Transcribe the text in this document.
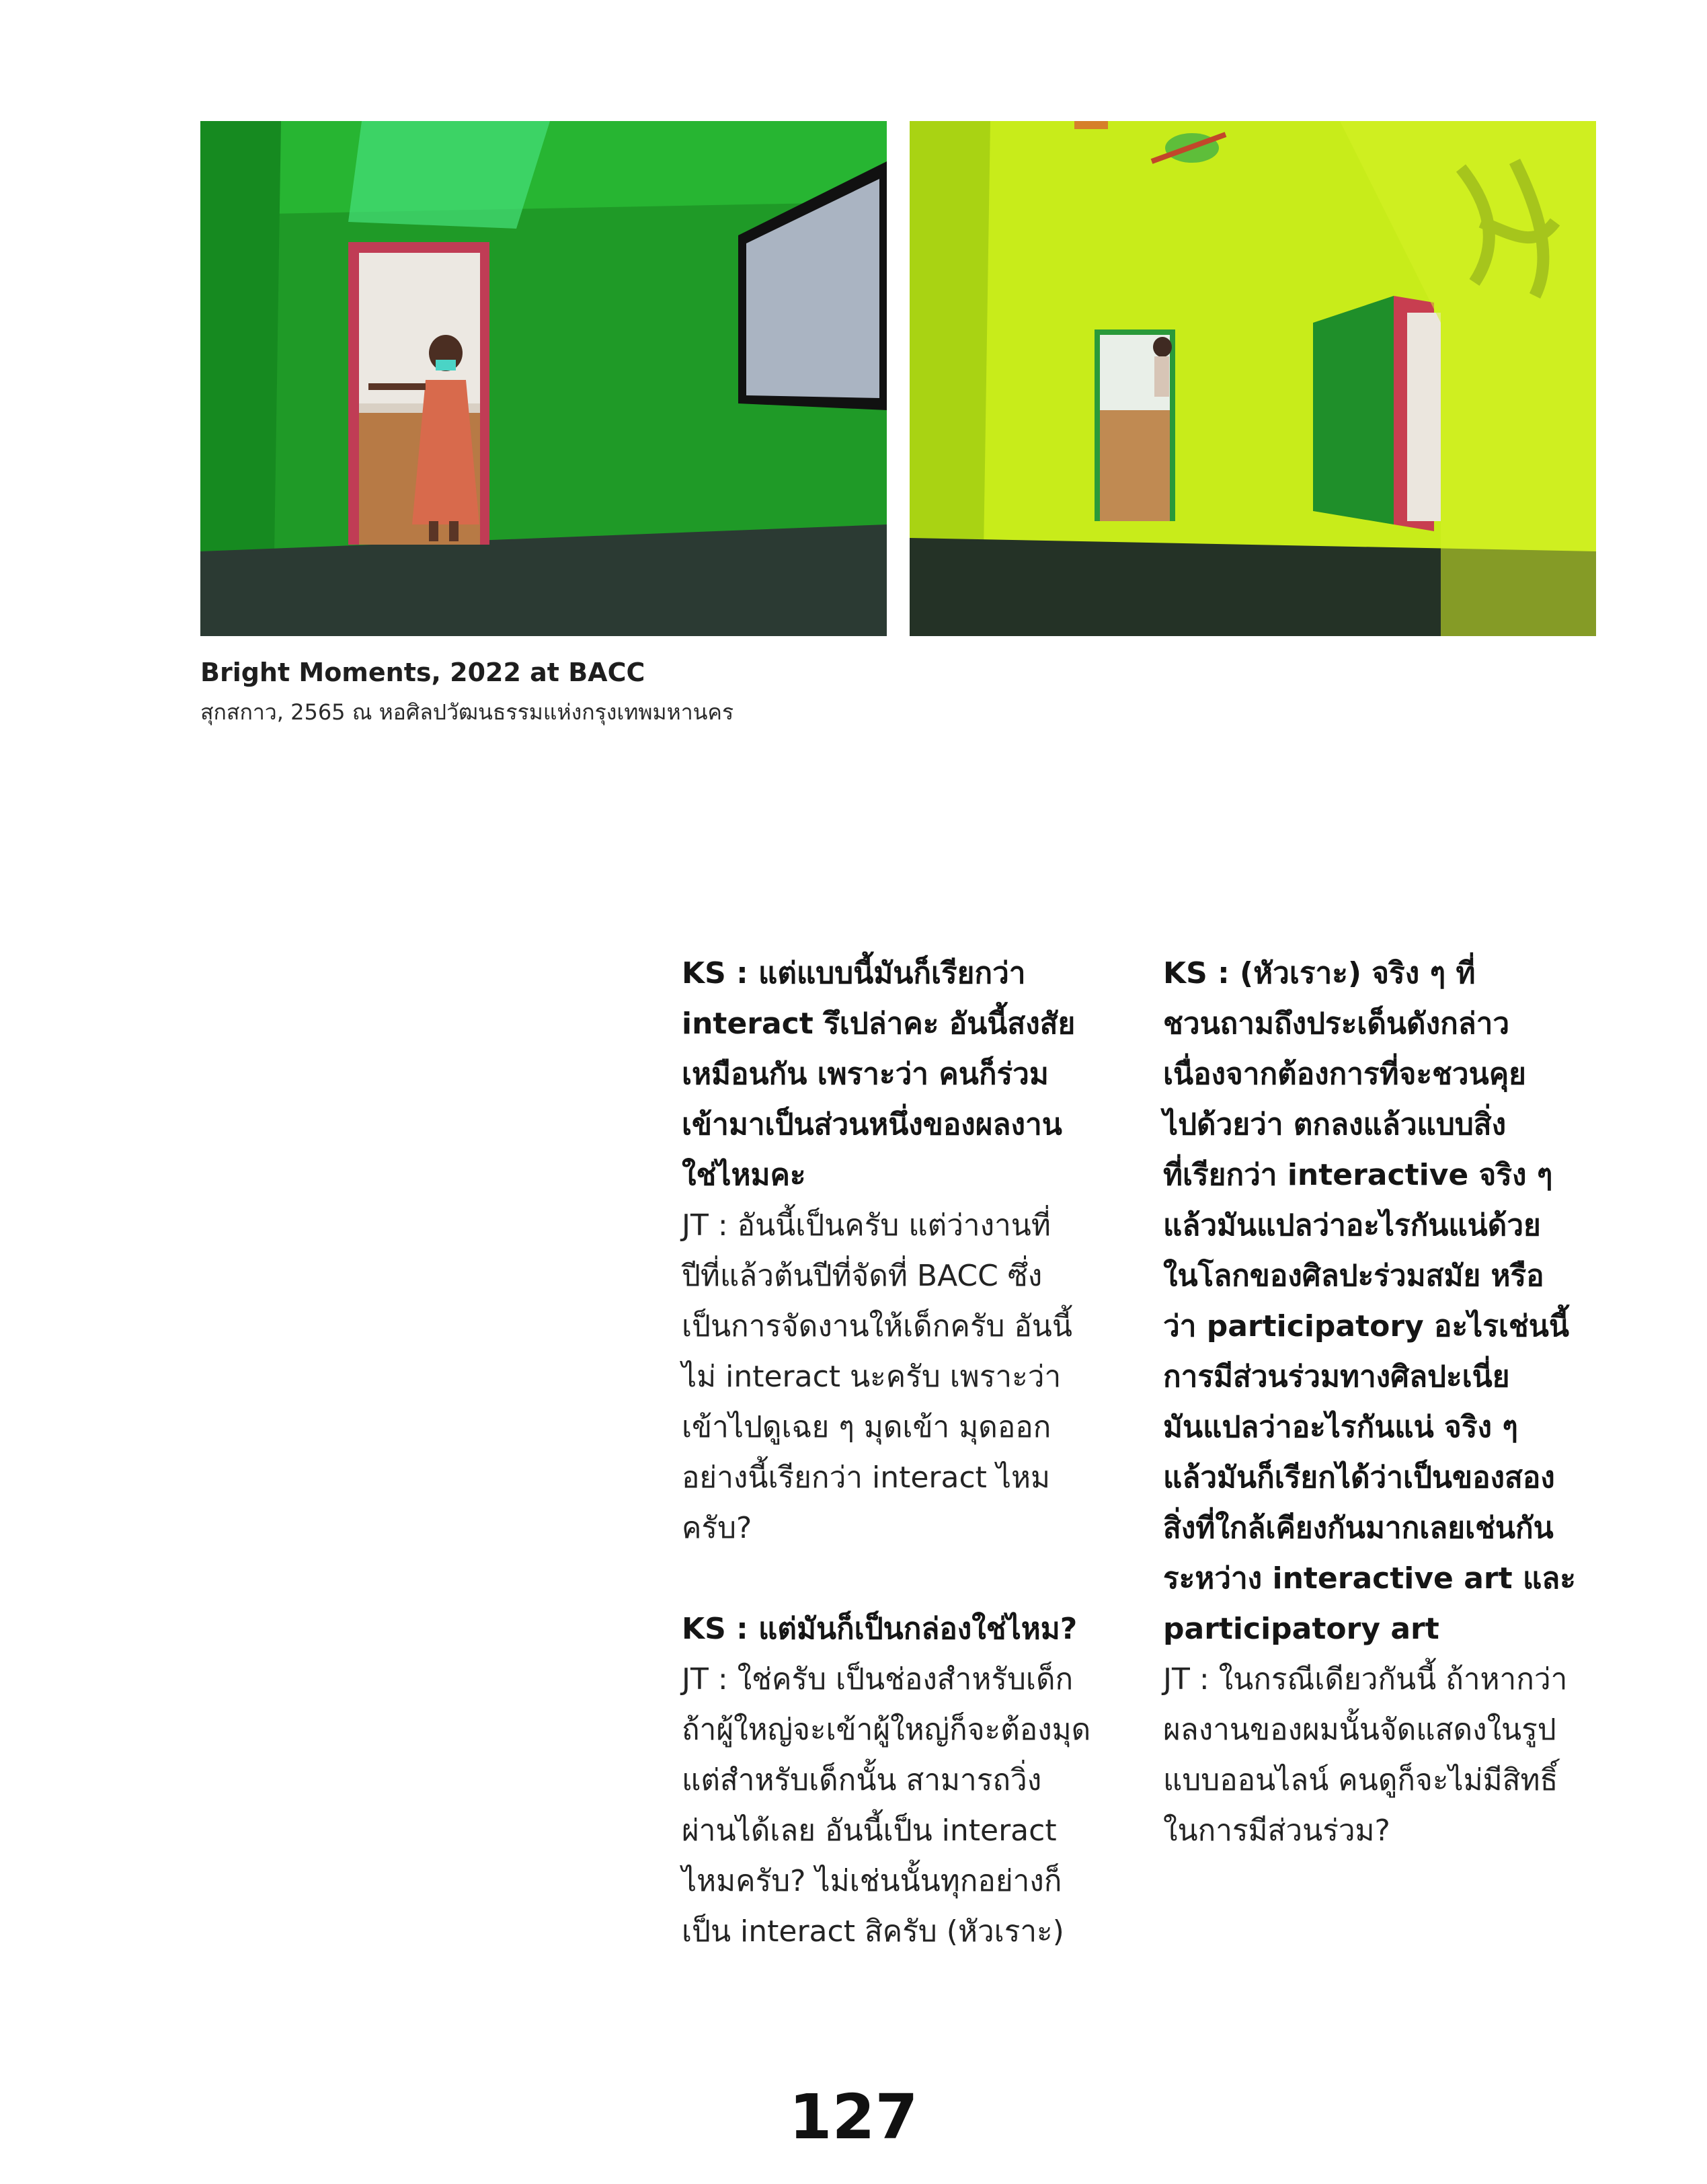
Bright Moments, 2022 at BACC
สุกสกาว, 2565 ณ หอศิลปวัฒนธรรมแห่งกรุงเทพมหานคร

KS : แต่แบบนี้มันก็เรียกว่า
interact รึเปล่าคะ อันนี้สงสัย
เหมือนกัน เพราะว่า คนก็ร่วม
เข้ามาเป็นส่วนหนึ่งของผลงาน
ใช่ไหมคะ

JT : อันนี้เป็นครับ แต่ว่างานที่
ปีที่แล้วต้นปีที่จัดที่ BACC ซึ่ง
เป็นการจัดงานให้เด็กครับ อันนี้
ไม่ interact นะครับ เพราะว่า
เข้าไปดูเฉย ๆ มุดเข้า มุดออก
อย่างนี้เรียกว่า interact ไหม
ครับ?

KS : แต่มันก็เป็นกล่องใช่ไหม?

JT : ใช่ครับ เป็นช่องสำหรับเด็ก
ถ้าผู้ใหญ่จะเข้าผู้ใหญ่ก็จะต้องมุด
แต่สำหรับเด็กนั้น สามารถวิ่ง
ผ่านได้เลย อันนี้เป็น interact
ไหมครับ? ไม่เช่นนั้นทุกอย่างก็
เป็น interact สิครับ (หัวเราะ)

KS : (หัวเราะ) จริง ๆ ที่
ชวนถามถึงประเด็นดังกล่าว
เนื่องจากต้องการที่จะชวนคุย
ไปด้วยว่า ตกลงแล้วแบบสิ่ง
ที่เรียกว่า interactive จริง ๆ
แล้วมันแปลว่าอะไรกันแน่ด้วย
ในโลกของศิลปะร่วมสมัย หรือ
ว่า participatory อะไรเช่นนี้
การมีส่วนร่วมทางศิลปะเนี่ย
มันแปลว่าอะไรกันแน่ จริง ๆ
แล้วมันก็เรียกได้ว่าเป็นของสอง
สิ่งที่ใกล้เคียงกันมากเลยเช่นกัน
ระหว่าง interactive art และ
participatory art

JT : ในกรณีเดียวกันนี้ ถ้าหากว่า
ผลงานของผมนั้นจัดแสดงในรูป
แบบออนไลน์ คนดูก็จะไม่มีสิทธิ์
ในการมีส่วนร่วม?

127
